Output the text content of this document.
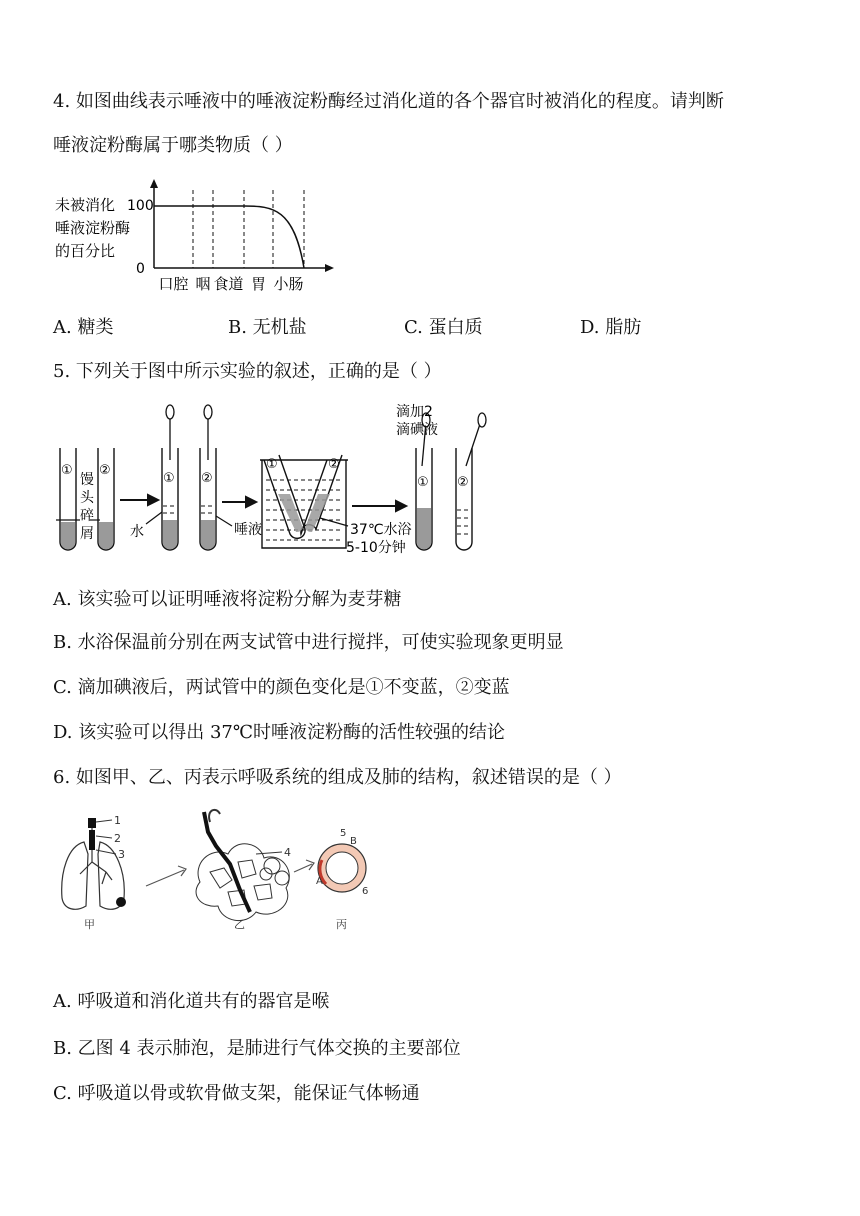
4. 如图曲线表示唾液中的唾液淀粉酶经过消化道的各个器官时被消化的程度。请判断
唾液淀粉酶属于哪类物质（ ）
未被消化
唾液淀粉酶
的百分比
100
0
口腔 咽 食道 胃 小肠
A. 糖类	B. 无机盐	C. 蛋白质	D. 脂肪
5. 下列关于图中所示实验的叙述，正确的是（ ）
① ②
① ②
①	②
① ②
馒
头
碎
屑	水	唾液	37℃水浴
5-10分钟
滴加2
滴碘液
A. 该实验可以证明唾液将淀粉分解为麦芽糖
B. 水浴保温前分别在两支试管中进行搅拌，可使实验现象更明显
C. 滴加碘液后，两试管中的颜色变化是①不变蓝，②变蓝
D. 该实验可以得出 37℃时唾液淀粉酶的活性较强的结论
6. 如图甲、乙、丙表示呼吸系统的组成及肺的结构，叙述错误的是（ ）
1
2
3	4
5
B
A
6
甲	乙	丙
A. 呼吸道和消化道共有的器官是喉
B. 乙图 4 表示肺泡，是肺进行气体交换的主要部位
C. 呼吸道以骨或软骨做支架，能保证气体畅通
